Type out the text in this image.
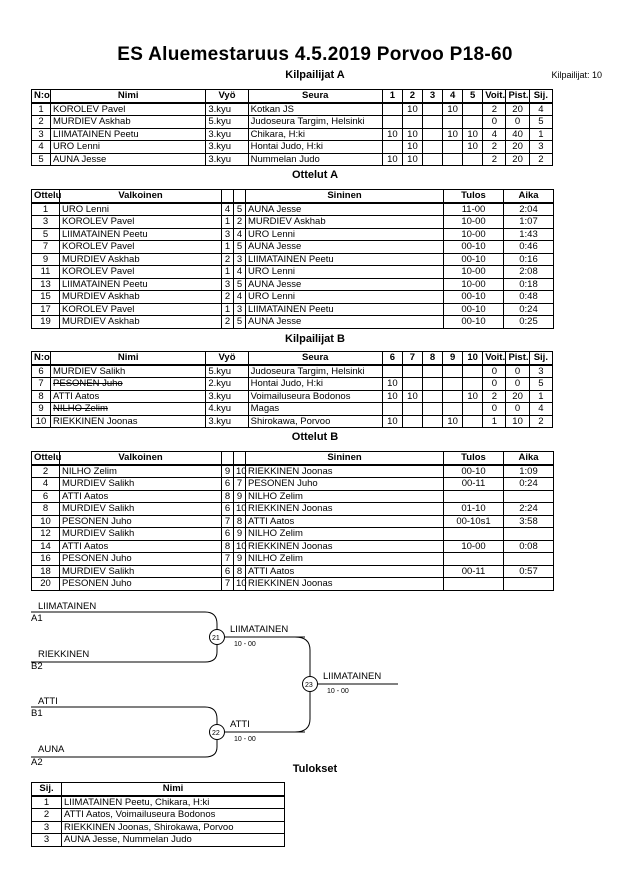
ES Aluemestaruus 4.5.2019 Porvoo P18-60
Kilpailijat A	Kilpailijat: 10
N:o	Nimi	Vyö	Seura	1	2	3	4	5	Voit.	Pist.	Sij.
1	KOROLEV Pavel	3.kyu	Kotkan JS		10		10		2	20	4
2	MURDIEV Askhab	5.kyu	Judoseura Targim, Helsinki						0	0	5
3	LIIMATAINEN Peetu	3.kyu	Chikara, H:ki	10	10		10	10	4	40	1
4	URO Lenni	3.kyu	Hontai Judo, H:ki		10			10	2	20	3
5	AUNA Jesse	3.kyu	Nummelan Judo	10	10				2	20	2
Ottelut A
Ottelu	Valkoinen			Sininen	Tulos	Aika
1	URO Lenni	4	5	AUNA Jesse	11-00	2:04
3	KOROLEV Pavel	1	2	MURDIEV Askhab	10-00	1:07
5	LIIMATAINEN Peetu	3	4	URO Lenni	10-00	1:43
7	KOROLEV Pavel	1	5	AUNA Jesse	00-10	0:46
9	MURDIEV Askhab	2	3	LIIMATAINEN Peetu	00-10	0:16
11	KOROLEV Pavel	1	4	URO Lenni	10-00	2:08
13	LIIMATAINEN Peetu	3	5	AUNA Jesse	10-00	0:18
15	MURDIEV Askhab	2	4	URO Lenni	00-10	0:48
17	KOROLEV Pavel	1	3	LIIMATAINEN Peetu	00-10	0:24
19	MURDIEV Askhab	2	5	AUNA Jesse	00-10	0:25
Kilpailijat B
N:o	Nimi	Vyö	Seura	6	7	8	9	10	Voit.	Pist.	Sij.
6	MURDIEV Salikh	5.kyu	Judoseura Targim, Helsinki						0	0	3
7	PESONEN Juho	2.kyu	Hontai Judo, H:ki	10					0	0	5
8	ATTI Aatos	3.kyu	Voimailuseura Bodonos	10	10			10	2	20	1
9	NILHO Zelim	4.kyu	Magas						0	0	4
10	RIEKKINEN Joonas	3.kyu	Shirokawa, Porvoo	10			10		1	10	2
Ottelut B
Ottelu	Valkoinen			Sininen	Tulos	Aika
2	NILHO Zelim	9	10	RIEKKINEN Joonas	00-10	1:09
4	MURDIEV Salikh	6	7	PESONEN Juho	00-11	0:24
6	ATTI Aatos	8	9	NILHO Zelim		
8	MURDIEV Salikh	6	10	RIEKKINEN Joonas	01-10	2:24
10	PESONEN Juho	7	8	ATTI Aatos	00-10s1	3:58
12	MURDIEV Salikh	6	9	NILHO Zelim		
14	ATTI Aatos	8	10	RIEKKINEN Joonas	10-00	0:08
16	PESONEN Juho	7	9	NILHO Zelim		
18	MURDIEV Salikh	6	8	ATTI Aatos	00-11	0:57
20	PESONEN Juho	7	10	RIEKKINEN Joonas		
LIIMATAINEN
A1
RIEKKINEN
B2
21
LIIMATAINEN
10 - 00
ATTI
B1
AUNA
A2
22
ATTI
10 - 00
23
LIIMATAINEN
10 - 00
Tulokset
Sij.	Nimi
1	LIIMATAINEN Peetu, Chikara, H:ki
2	ATTI Aatos, Voimailuseura Bodonos
3	RIEKKINEN Joonas, Shirokawa, Porvoo
3	AUNA Jesse, Nummelan Judo
